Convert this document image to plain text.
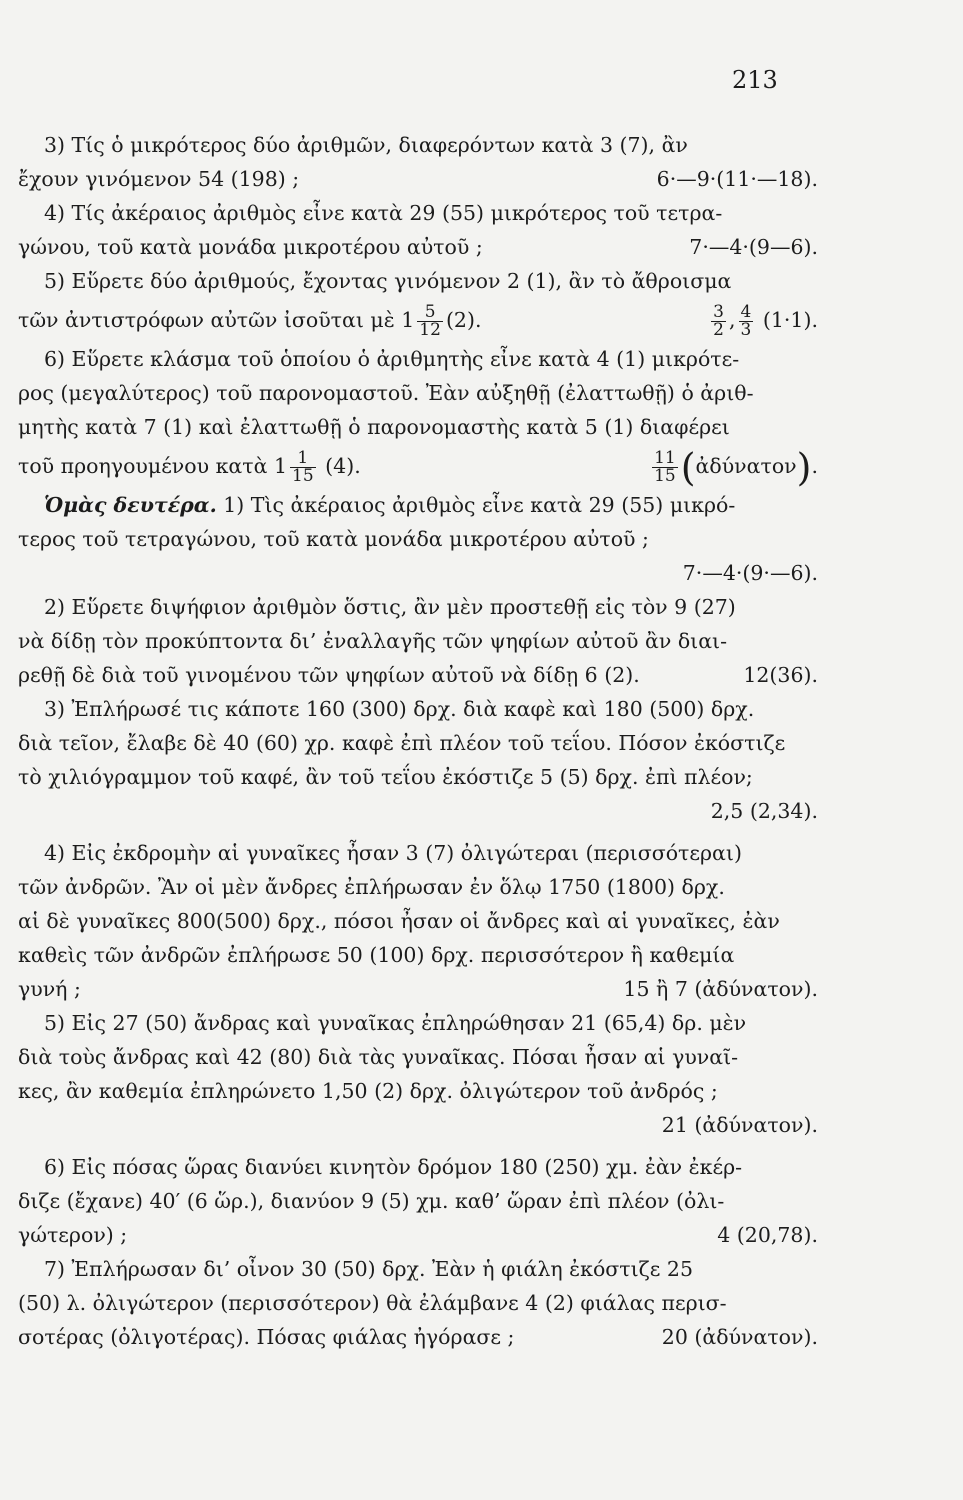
213
3) Τίς ὁ μικρότερος δύο ἀριθμῶν, διαφερόντων κατὰ 3 (7), ἂν
ἔχουν γινόμενον 54 (198) ;	6·—9·(11·—18).
4) Τίς ἀκέραιος ἀριθμὸς εἶνε κατὰ 29 (55) μικρότερος τοῦ τετρα-
γώνου, τοῦ κατὰ μονάδα μικροτέρου αὐτοῦ ;	7·—4·(9—6).
5) Εὕρετε δύο ἀριθμούς, ἔχοντας γινόμενον 2 (1), ἂν τὸ ἄθροισμα
τῶν ἀντιστρόφων αὐτῶν ἰσοῦται μὲ $1 \frac{5}{12} (2)$.	$\frac{3}{2}$ , $\frac{4}{3} (1\cdot 1)$.
6) Εὕρετε κλάσμα τοῦ ὁποίου ὁ ἀριθμητὴς εἶνε κατὰ 4 (1) μικρότε-
ρος (μεγαλύτερος) τοῦ παρονομαστοῦ. Ἐὰν αὐξηθῇ (ἐλαττωθῇ) ὁ ἀριθ-
μητὴς κατὰ 7 (1) καὶ ἐλαττωθῇ ὁ παρονομαστὴς κατὰ 5 (1) διαφέρει
τοῦ προηγουμένου κατὰ $1 \frac{1}{15} (4)$.	$\frac{11}{15}$ (ἀδύνατον).
Ὁμὰς δευτέρα. 1) Τὶς ἀκέραιος ἀριθμὸς εἶνε κατὰ 29 (55) μικρό-
τερος τοῦ τετραγώνου, τοῦ κατὰ μονάδα μικροτέρου αὐτοῦ ;
7·—4·(9·—6).
2) Εὕρετε διψήφιον ἀριθμὸν ὅστις, ἂν μὲν προστεθῇ εἰς τὸν 9 (27)
νὰ δίδῃ τὸν προκύπτοντα δι’ ἐναλλαγῆς τῶν ψηφίων αὐτοῦ ἂν διαι-
ρεθῇ δὲ διὰ τοῦ γινομένου τῶν ψηφίων αὐτοῦ νὰ δίδῃ 6 (2).	12(36).
3) Ἐπλήρωσέ τις κάποτε 160 (300) δρχ. διὰ καφὲ καὶ 180 (500) δρχ.
διὰ τεῖον, ἔλαβε δὲ 40 (60) χρ. καφὲ ἐπὶ πλέον τοῦ τεΐου. Πόσον ἐκόστιζε
τὸ χιλιόγραμμον τοῦ καφέ, ἂν τοῦ τεΐου ἐκόστιζε 5 (5) δρχ. ἐπὶ πλέον;
2,5 (2,34).
4) Εἰς ἐκδρομὴν αἱ γυναῖκες ἦσαν 3 (7) ὀλιγώτεραι (περισσότεραι)
τῶν ἀνδρῶν. Ἂν οἱ μὲν ἄνδρες ἐπλήρωσαν ἐν ὅλῳ 1750 (1800) δρχ.
αἱ δὲ γυναῖκες 800(500) δρχ., πόσοι ἦσαν οἱ ἄνδρες καὶ αἱ γυναῖκες, ἐὰν
καθεὶς τῶν ἀνδρῶν ἐπλήρωσε 50 (100) δρχ. περισσότερον ἢ καθεμία
γυνή ;	15 ἢ 7 (ἀδύνατον).
5) Εἰς 27 (50) ἄνδρας καὶ γυναῖκας ἐπληρώθησαν 21 (65,4) δρ. μὲν
διὰ τοὺς ἄνδρας καὶ 42 (80) διὰ τὰς γυναῖκας. Πόσαι ἦσαν αἱ γυναῖ-
κες, ἂν καθεμία ἐπληρώνετο 1,50 (2) δρχ. ὀλιγώτερον τοῦ ἀνδρός ;
21 (ἀδύνατον).
6) Εἰς πόσας ὥρας διανύει κινητὸν δρόμον 180 (250) χμ. ἐὰν ἐκέρ-
διζε (ἔχανε) 40′ (6 ὥρ.), διανύον 9 (5) χμ. καθ’ ὥραν ἐπὶ πλέον (ὀλι-
γώτερον) ;	4 (20,78).
7) Ἐπλήρωσαν δι’ οἶνον 30 (50) δρχ. Ἐὰν ἡ φιάλη ἐκόστιζε 25
(50) λ. ὀλιγώτερον (περισσότερον) θὰ ἐλάμβανε 4 (2) φιάλας περισ-
σοτέρας (ὀλιγοτέρας). Πόσας φιάλας ἠγόρασε ;	20 (ἀδύνατον).
